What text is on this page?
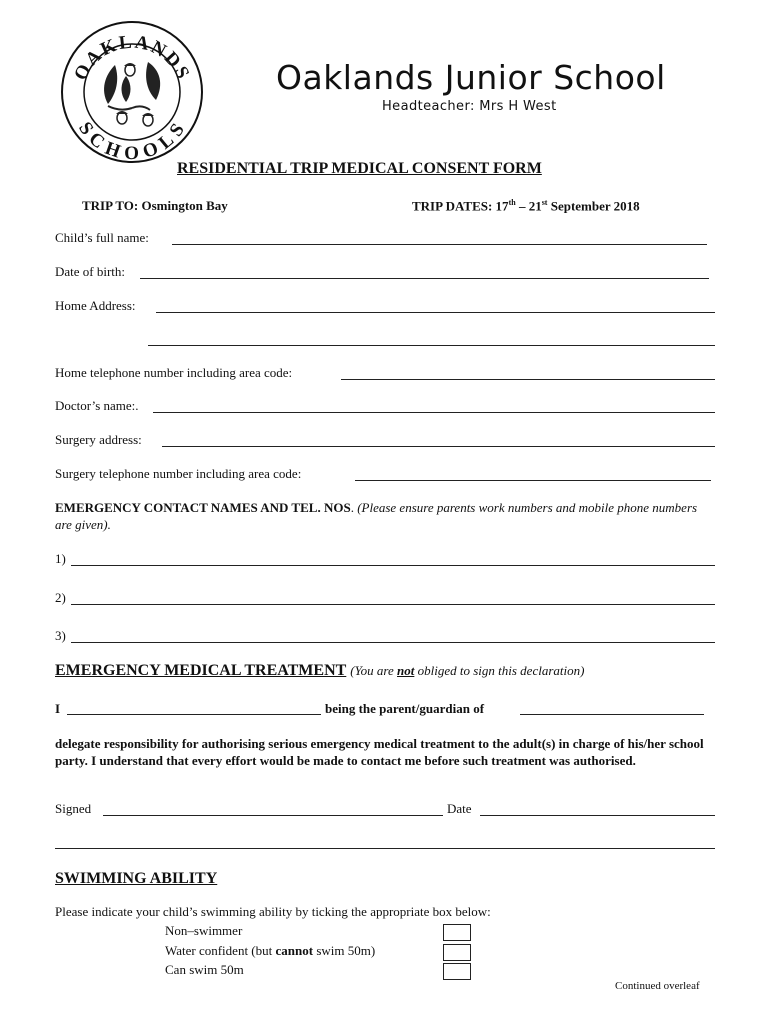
OAKLANDS
SCHOOLS
Oaklands Junior School
Headteacher: Mrs H West
RESIDENTIAL TRIP MEDICAL CONSENT FORM
TRIP TO: Osmington Bay	TRIP DATES: 17th – 21st September 2018
Child’s full name:
Date of birth:
Home Address:
Home telephone number including area code:
Doctor’s name:.
Surgery address:
Surgery telephone number including area code:
EMERGENCY CONTACT NAMES AND TEL. NOS. (Please ensure parents work numbers and mobile phone numbers are given).
1)
2)
3)
EMERGENCY MEDICAL TREATMENT (You are not obliged to sign this declaration)
I	being the parent/guardian of
delegate responsibility for authorising serious emergency medical treatment to the adult(s) in charge of his/her school party. I understand that every effort would be made to contact me before such treatment was authorised.
Signed	Date
SWIMMING ABILITY
Please indicate your child’s swimming ability by ticking the appropriate box below:
Non–swimmer
Water confident (but cannot swim 50m)
Can swim 50m
Continued overleaf
